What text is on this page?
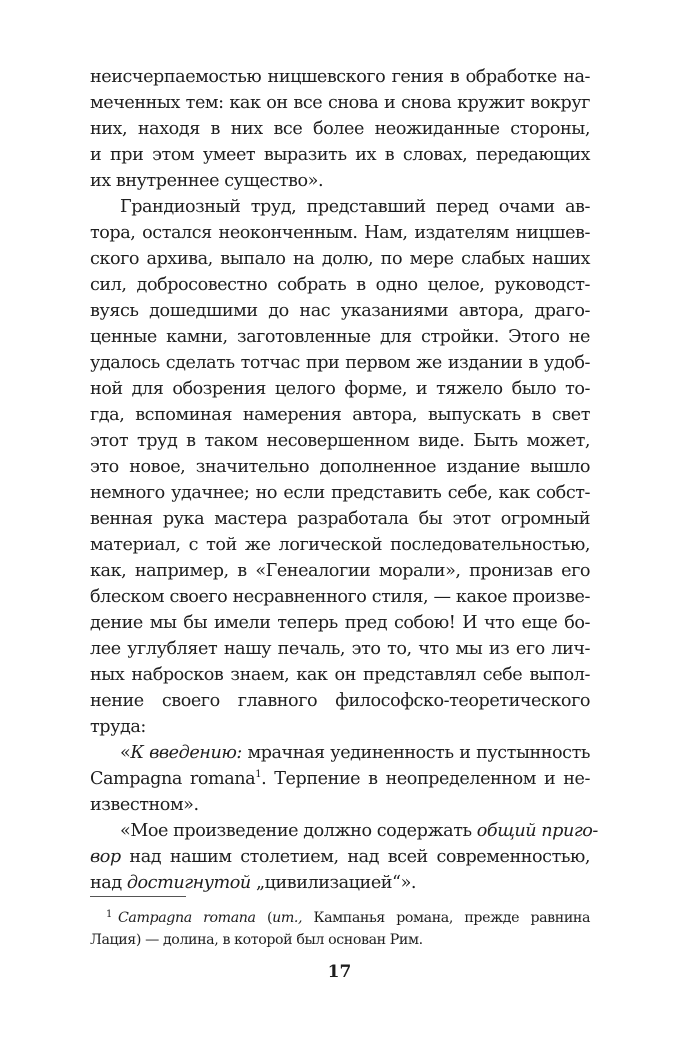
неисчерпаемостью ницшевского гения в обработке на-
меченных тем: как он все снова и снова кружит вокруг
них, находя в них все более неожиданные стороны,
и при этом умеет выразить их в словах, передающих
их внутреннее существо».
Грандиозный труд, представший перед очами ав-
тора, остался неоконченным. Нам, издателям ницшев-
ского архива, выпало на долю, по мере слабых наших
сил, добросовестно собрать в одно целое, руководст-
вуясь дошедшими до нас указаниями автора, драго-
ценные камни, заготовленные для стройки. Этого не
удалось сделать тотчас при первом же издании в удоб-
ной для обозрения целого форме, и тяжело было то-
гда, вспоминая намерения автора, выпускать в свет
этот труд в таком несовершенном виде. Быть может,
это новое, значительно дополненное издание вышло
немного удачнее; но если представить себе, как собст-
венная рука мастера разработала бы этот огромный
материал, с той же логической последовательностью,
как, например, в «Генеалогии морали», пронизав его
блеском своего несравненного стиля, — какое произве-
дение мы бы имели теперь пред собою! И что еще бо-
лее углубляет нашу печаль, это то, что мы из его лич-
ных набросков знаем, как он представлял себе выпол-
нение своего главного философско-теоретического
труда:
«К введению: мрачная уединенность и пустынность
Campagna romana$^1$. Терпение в неопределенном и не-
известном».
«Мое произведение должно содержать общий приго-
вор над нашим столетием, над всей современностью,
над достигнутой „цивилизацией“».
$^1$ Campagna romana (ит., Кампанья романа, прежде равнина
Лация) — долина, в которой был основан Рим.
17
